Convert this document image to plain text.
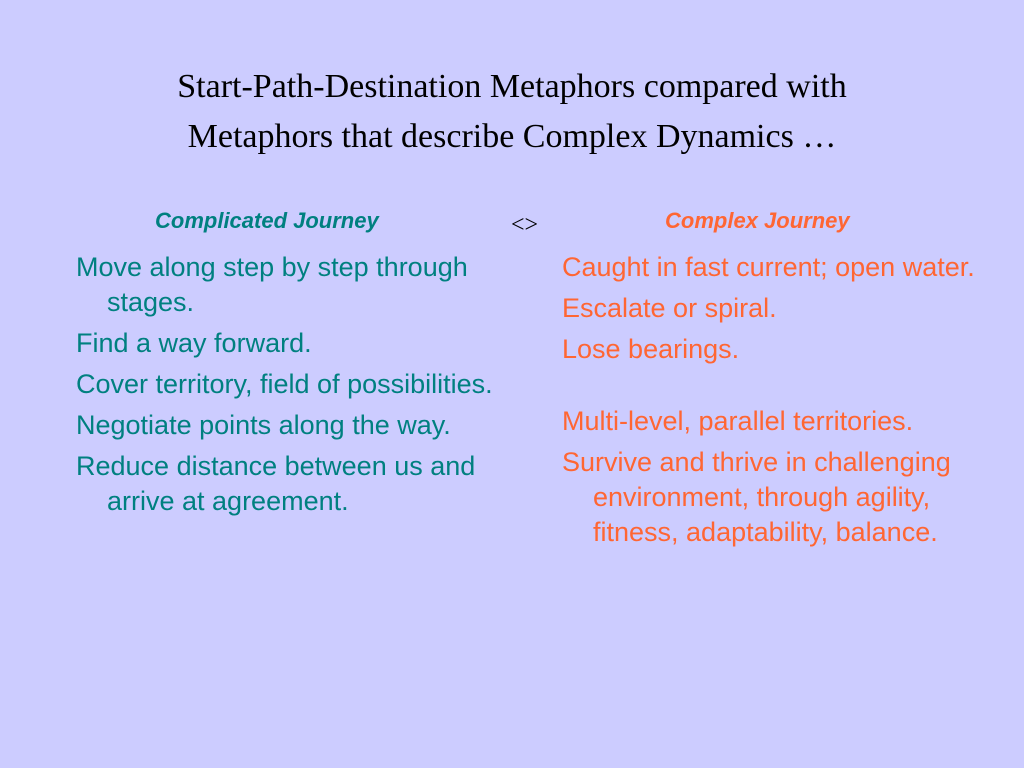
Start-Path-Destination Metaphors compared with
Metaphors that describe Complex Dynamics …
Complicated Journey	<>	Complex Journey
Move along step by step through stages.
Find a way forward.
Cover territory, field of possibilities.
Negotiate points along the way.
Reduce distance between us and arrive at agreement.
Caught in fast current; open water.
Escalate or spiral.
Lose bearings.
Multi-level, parallel territories.
Survive and thrive in challenging environment, through agility, fitness, adaptability, balance.
